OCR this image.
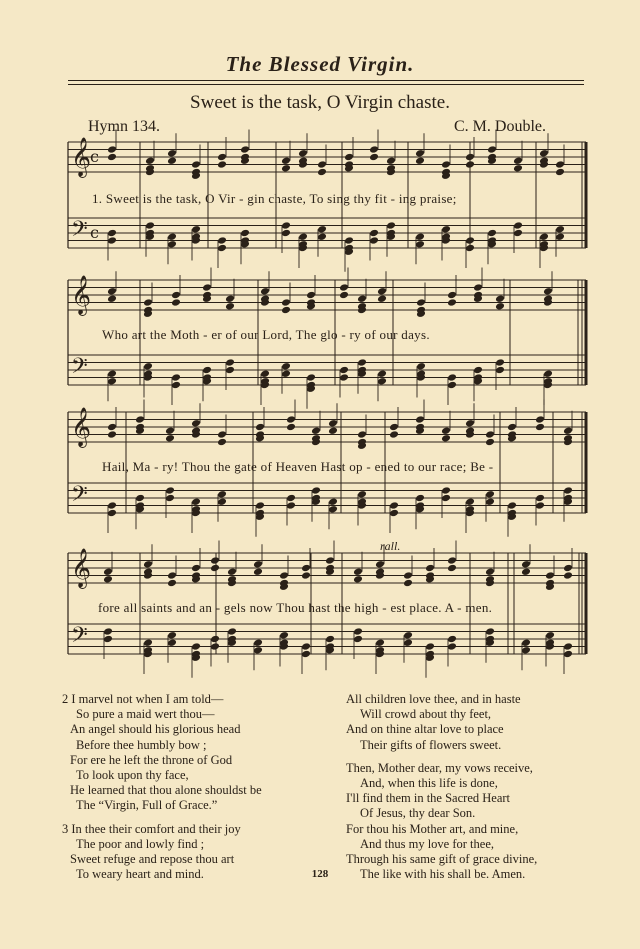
The Blessed Virgin.
Sweet is the task, O Virgin chaste.
Hymn 134.	C. M. Double.
𝄞
c
𝄢 c
𝄞
𝄢
𝄞
𝄢
𝄞
𝄢
1. Sweet is the task, O Vir - gin chaste, To sing thy fit - ing praise;
Who art the Moth - er of our Lord, The glo - ry of our days.
Hail, Ma - ry! Thou the gate of Heaven Hast op - ened to our race; Be -
fore all saints and an - gels now Thou hast the high - est place. A - men.
rall.
2 I marvel not when I am told—
So pure a maid wert thou—
An angel should his glorious head
Before thee humbly bow ;
For ere he left the throne of God
To look upon thy face,
He learned that thou alone shouldst be
The “Virgin, Full of Grace.”
3 In thee their comfort and their joy
The poor and lowly find ;
Sweet refuge and repose thou art
To weary heart and mind.
All children love thee, and in haste
Will crowd about thy feet,
And on thine altar love to place
Their gifts of flowers sweet.
Then, Mother dear, my vows receive,
And, when this life is done,
I'll find them in the Sacred Heart
Of Jesus, thy dear Son.
For thou his Mother art, and mine,
And thus my love for thee,
Through his same gift of grace divine,
The like with his shall be. Amen.
128
